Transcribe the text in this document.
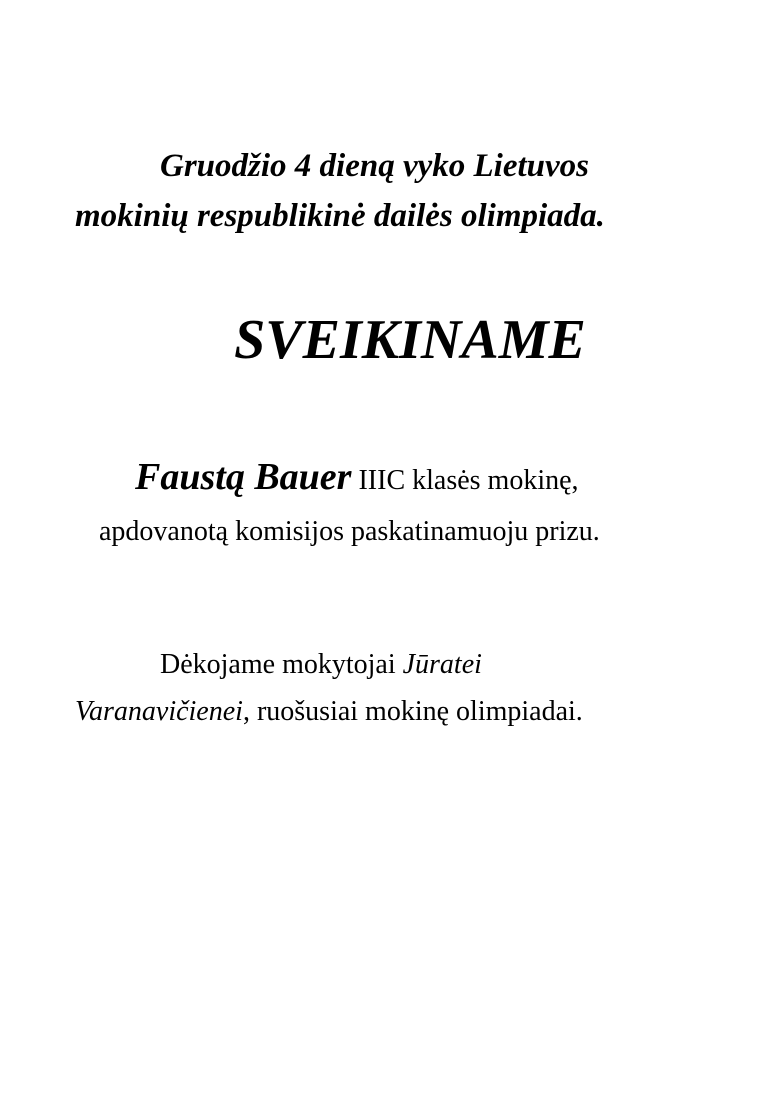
Gruodžio 4 dieną vyko Lietuvos

mokinių respublikinė dailės olimpiada.

SVEIKINAME

Faustą Bauer IIIC klasės mokinę,

apdovanotą komisijos paskatinamuoju prizu.

Dėkojame mokytojai Jūratei

Varanavičienei, ruošusiai mokinę olimpiadai.
